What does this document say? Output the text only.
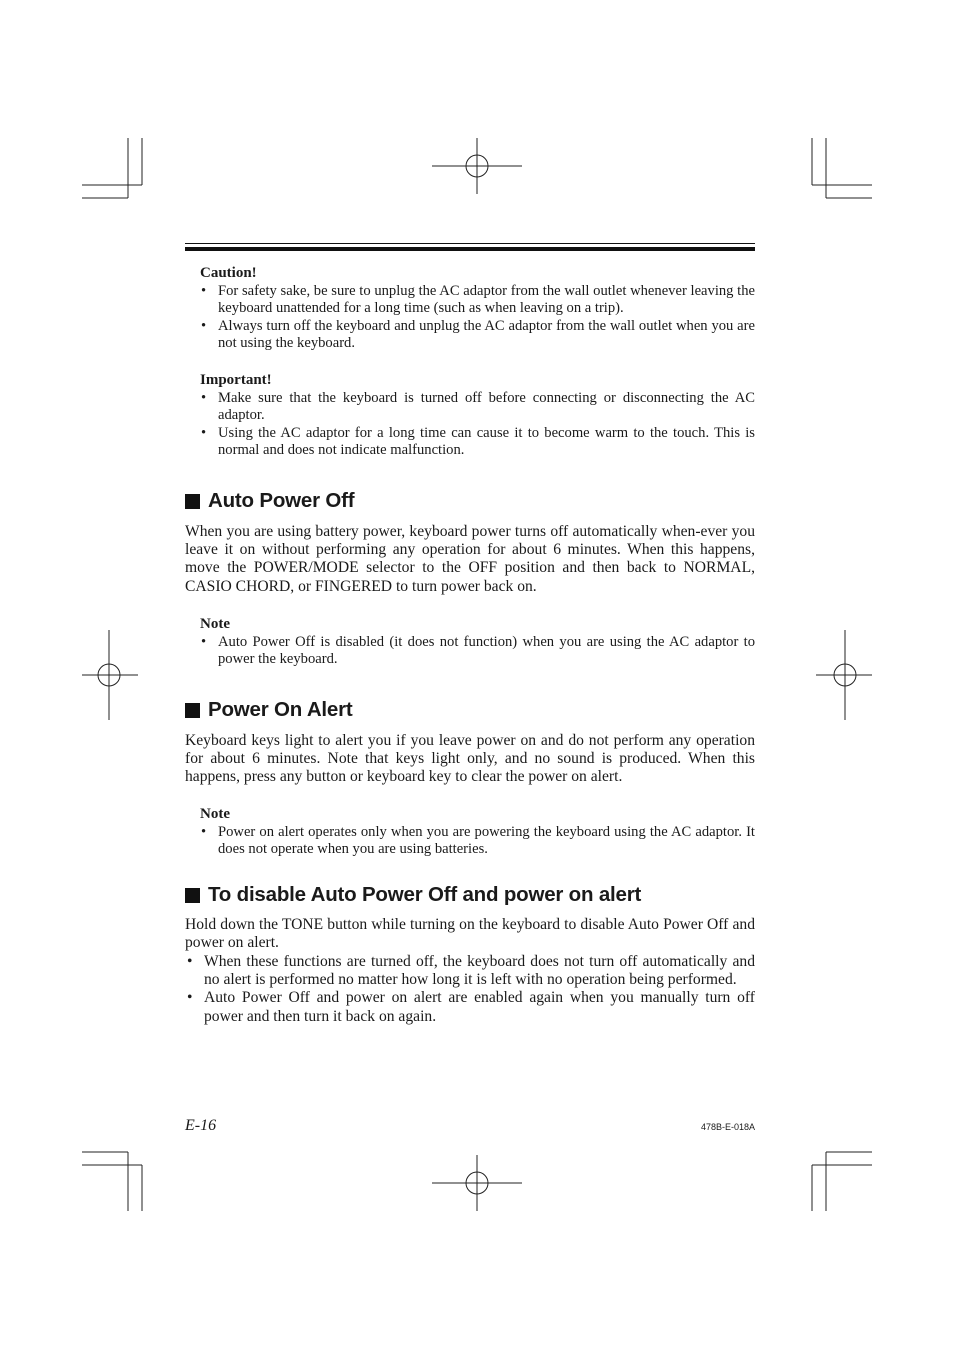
Caution!
• For safety sake, be sure to unplug the AC adaptor from the wall outlet whenever leaving the keyboard unattended for a long time (such as when leaving on a trip).
• Always turn off the keyboard and unplug the AC adaptor from the wall outlet when you are not using the keyboard.
Important!
• Make sure that the keyboard is turned off before connecting or disconnecting the AC adaptor.
• Using the AC adaptor for a long time can cause it to become warm to the touch. This is normal and does not indicate malfunction.
Auto Power Off

When you are using battery power, keyboard power turns off automatically when-ever you leave it on without performing any operation for about 6 minutes. When this happens, move the POWER/MODE selector to the OFF position and then back to NORMAL, CASIO CHORD, or FINGERED to turn power back on.

Note
• Auto Power Off is disabled (it does not function) when you are using the AC adaptor to power the keyboard.
Power On Alert

Keyboard keys light to alert you if you leave power on and do not perform any operation for about 6 minutes. Note that keys light only, and no sound is produced. When this happens, press any button or keyboard key to clear the power on alert.

Note
• Power on alert operates only when you are powering the keyboard using the AC adaptor. It does not operate when you are using batteries.
To disable Auto Power Off and power on alert

Hold down the TONE button while turning on the keyboard to disable Auto Power Off and power on alert.

• When these functions are turned off, the keyboard does not turn off automatically and no alert is performed no matter how long it is left with no operation being performed.
• Auto Power Off and power on alert are enabled again when you manually turn off power and then turn it back on again.
E-16	478B-E-018A
